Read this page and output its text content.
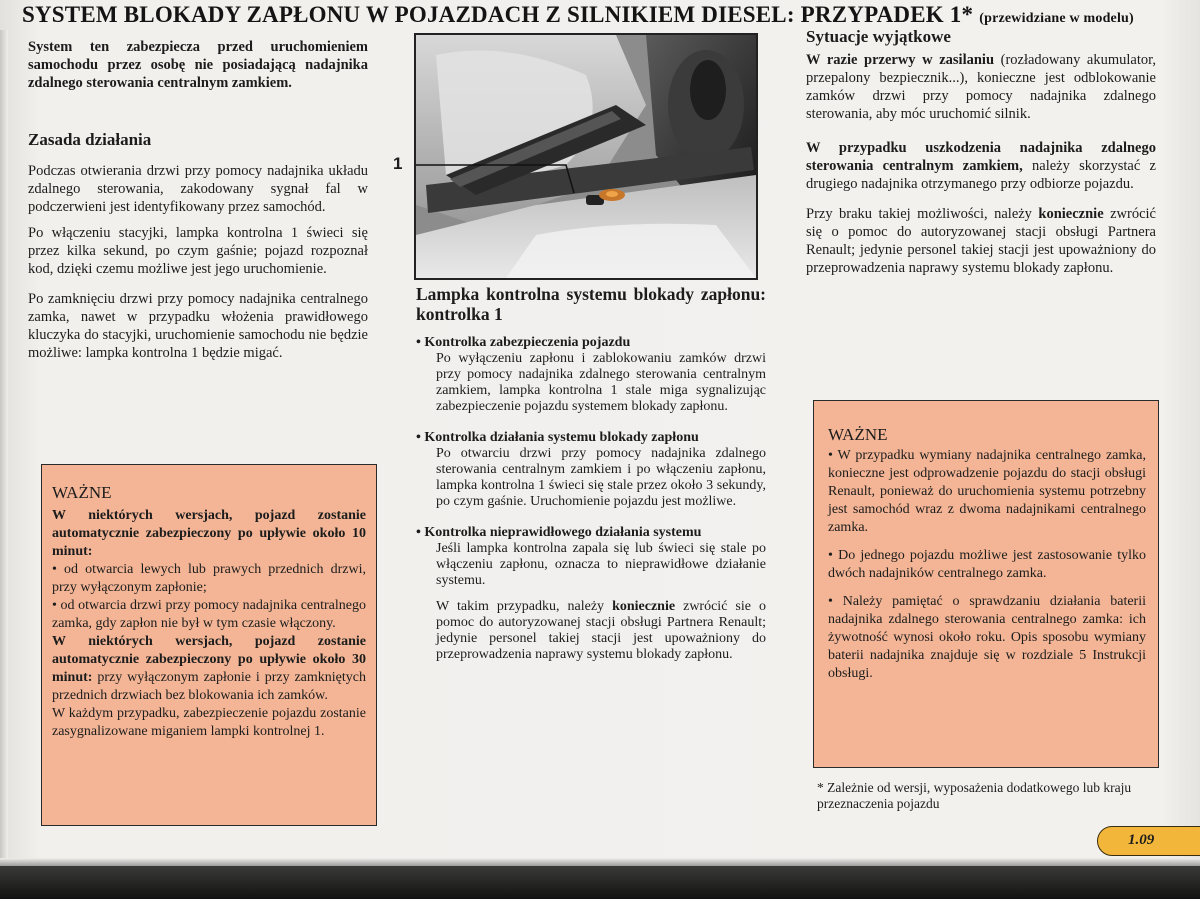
SYSTEM BLOKADY ZAPŁONU W POJAZDACH Z SILNIKIEM DIESEL: PRZYPADEK 1* (przewidziane w modelu)

System ten zabezpiecza przed uruchomieniem samochodu przez osobę nie posiadającą nadajnika zdalnego sterowania centralnym zamkiem.

Zasada działania

Podczas otwierania drzwi przy pomocy nadajnika układu zdalnego sterowania, zakodowany sygnał fal w podczerwieni jest identyfikowany przez samochód.

Po włączeniu stacyjki, lampka kontrolna 1 świeci się przez kilka sekund, po czym gaśnie; pojazd rozpoznał kod, dzięki czemu możliwe jest jego uruchomienie.

Po zamknięciu drzwi przy pomocy nadajnika centralnego zamka, nawet w przypadku włożenia prawidłowego kluczyka do stacyjki, uruchomienie samochodu nie będzie możliwe: lampka kontrolna 1 będzie migać.

WAŻNE

W niektórych wersjach, pojazd zostanie automatycznie zabezpieczony po upływie około 10 minut:

• od otwarcia lewych lub prawych przednich drzwi, przy wyłączonym zapłonie;

• od otwarcia drzwi przy pomocy nadajnika centralnego zamka, gdy zapłon nie był w tym czasie włączony.

W niektórych wersjach, pojazd zostanie automatycznie zabezpieczony po upływie około 30 minut: przy wyłączonym zapłonie i przy zamkniętych przednich drzwiach bez blokowania ich zamków.

W każdym przypadku, zabezpieczenie pojazdu zostanie zasygnalizowane miganiem lampki kontrolnej 1.

1

Lampka kontrolna systemu blokady zapłonu: kontrolka 1

• Kontrolka zabezpieczenia pojazdu

Po wyłączeniu zapłonu i zablokowaniu zamków drzwi przy pomocy nadajnika zdalnego sterowania centralnym zamkiem, lampka kontrolna 1 stale miga sygnalizując zabezpieczenie pojazdu systemem blokady zapłonu.

• Kontrolka działania systemu blokady zapłonu

Po otwarciu drzwi przy pomocy nadajnika zdalnego sterowania centralnym zamkiem i po włączeniu zapłonu, lampka kontrolna 1 świeci się stale przez około 3 sekundy, po czym gaśnie. Uruchomienie pojazdu jest możliwe.

• Kontrolka nieprawidłowego działania systemu

Jeśli lampka kontrolna zapala się lub świeci się stale po włączeniu zapłonu, oznacza to nieprawidłowe działanie systemu.

W takim przypadku, należy koniecznie zwrócić sie o pomoc do autoryzowanej stacji obsługi Partnera Renault; jedynie personel takiej stacji jest upoważniony do przeprowadzenia naprawy systemu blokady zapłonu.

Sytuacje wyjątkowe

W razie przerwy w zasilaniu (rozładowany akumulator, przepalony bezpiecznik...), konieczne jest odblokowanie zamków drzwi przy pomocy nadajnika zdalnego sterowania, aby móc uruchomić silnik.

W przypadku uszkodzenia nadajnika zdalnego sterowania centralnym zamkiem, należy skorzystać z drugiego nadajnika otrzymanego przy odbiorze pojazdu.

Przy braku takiej możliwości, należy koniecznie zwrócić się o pomoc do autoryzowanej stacji obsługi Partnera Renault; jedynie personel takiej stacji jest upoważniony do przeprowadzenia naprawy systemu blokady zapłonu.

WAŻNE

• W przypadku wymiany nadajnika centralnego zamka, konieczne jest odprowadzenie pojazdu do stacji obsługi Renault, ponieważ do uruchomienia systemu potrzebny jest samochód wraz z dwoma nadajnikami centralnego zamka.

• Do jednego pojazdu możliwe jest zastosowanie tylko dwóch nadajników centralnego zamka.

• Należy pamiętać o sprawdzaniu działania baterii nadajnika zdalnego sterowania centralnego zamka: ich żywotność wynosi około roku. Opis sposobu wymiany baterii nadajnika znajduje się w rozdziale 5 Instrukcji obsługi.

* Zależnie od wersji, wyposażenia dodatkowego lub kraju przeznaczenia pojazdu
1.09
